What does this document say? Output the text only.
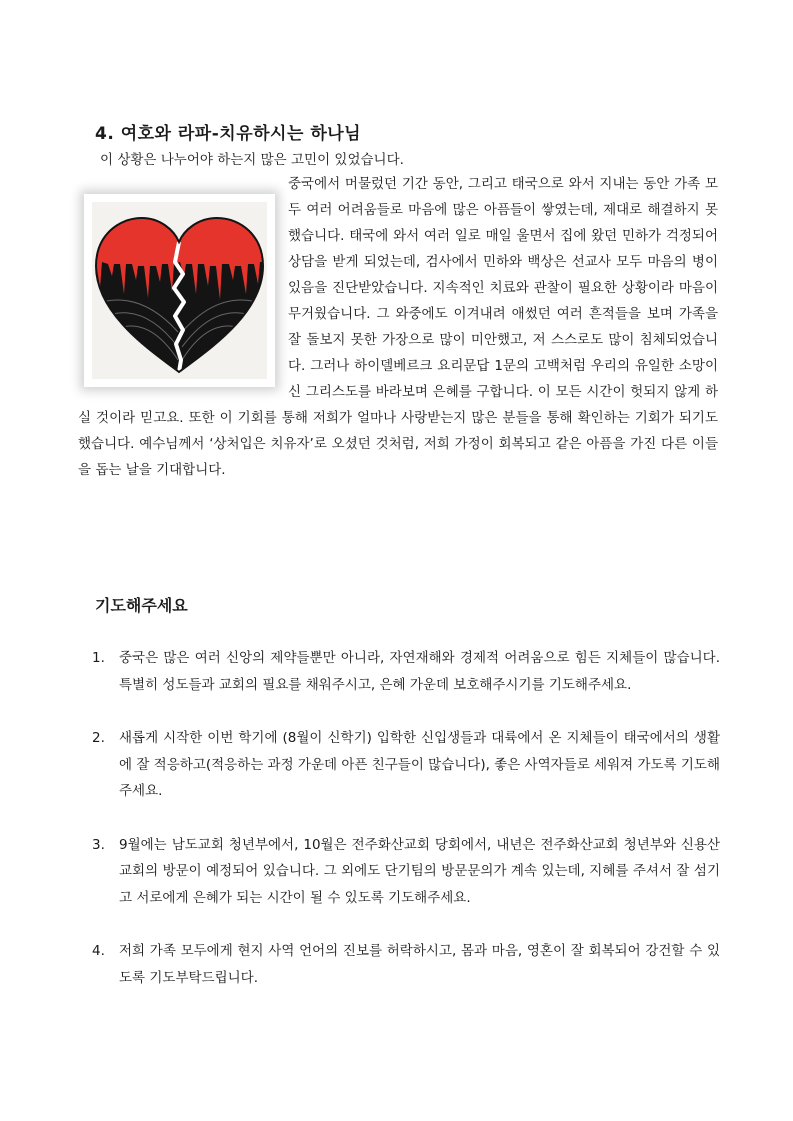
4. 여호와 라파-치유하시는 하나님

이 상황은 나누어야 하는지 많은 고민이 있었습니다.

중국에서 머물렀던 기간 동안, 그리고 태국으로 와서 지내는 동안 가족 모두 여러 어려움들로 마음에 많은 아픔들이 쌓였는데, 제대로 해결하지 못했습니다. 태국에 와서 여러 일로 매일 울면서 집에 왔던 민하가 걱정되어 상담을 받게 되었는데, 검사에서 민하와 백상은 선교사 모두 마음의 병이 있음을 진단받았습니다. 지속적인 치료와 관찰이 필요한 상황이라 마음이 무거웠습니다. 그 와중에도 이겨내려 애썼던 여러 흔적들을 보며 가족을 잘 돌보지 못한 가장으로 많이 미안했고, 저 스스로도 많이 침체되었습니다. 그러나 하이델베르크 요리문답 1문의 고백처럼 우리의 유일한 소망이신 그리스도를 바라보며 은혜를 구합니다. 이 모든 시간이 헛되지 않게 하실 것이라 믿고요. 또한 이 기회를 통해 저희가 얼마나 사랑받는지 많은 분들을 통해 확인하는 기회가 되기도 했습니다. 예수님께서 ‘상처입은 치유자’로 오셨던 것처럼, 저희 가정이 회복되고 같은 아픔을 가진 다른 이들을 돕는 날을 기대합니다.
기도해주세요
1. 중국은 많은 여러 신앙의 제약들뿐만 아니라, 자연재해와 경제적 어려움으로 힘든 지체들이 많습니다. 특별히 성도들과 교회의 필요를 채워주시고, 은혜 가운데 보호해주시기를 기도해주세요.
2. 새롭게 시작한 이번 학기에 (8월이 신학기) 입학한 신입생들과 대륙에서 온 지체들이 태국에서의 생활에 잘 적응하고(적응하는 과정 가운데 아픈 친구들이 많습니다), 좋은 사역자들로 세워져 가도록 기도해주세요.
3. 9월에는 남도교회 청년부에서, 10월은 전주화산교회 당회에서, 내년은 전주화산교회 청년부와 신용산교회의 방문이 예정되어 있습니다. 그 외에도 단기팀의 방문문의가 계속 있는데, 지혜를 주셔서 잘 섬기고 서로에게 은혜가 되는 시간이 될 수 있도록 기도해주세요.
4. 저희 가족 모두에게 현지 사역 언어의 진보를 허락하시고, 몸과 마음, 영혼이 잘 회복되어 강건할 수 있도록 기도부탁드립니다.
